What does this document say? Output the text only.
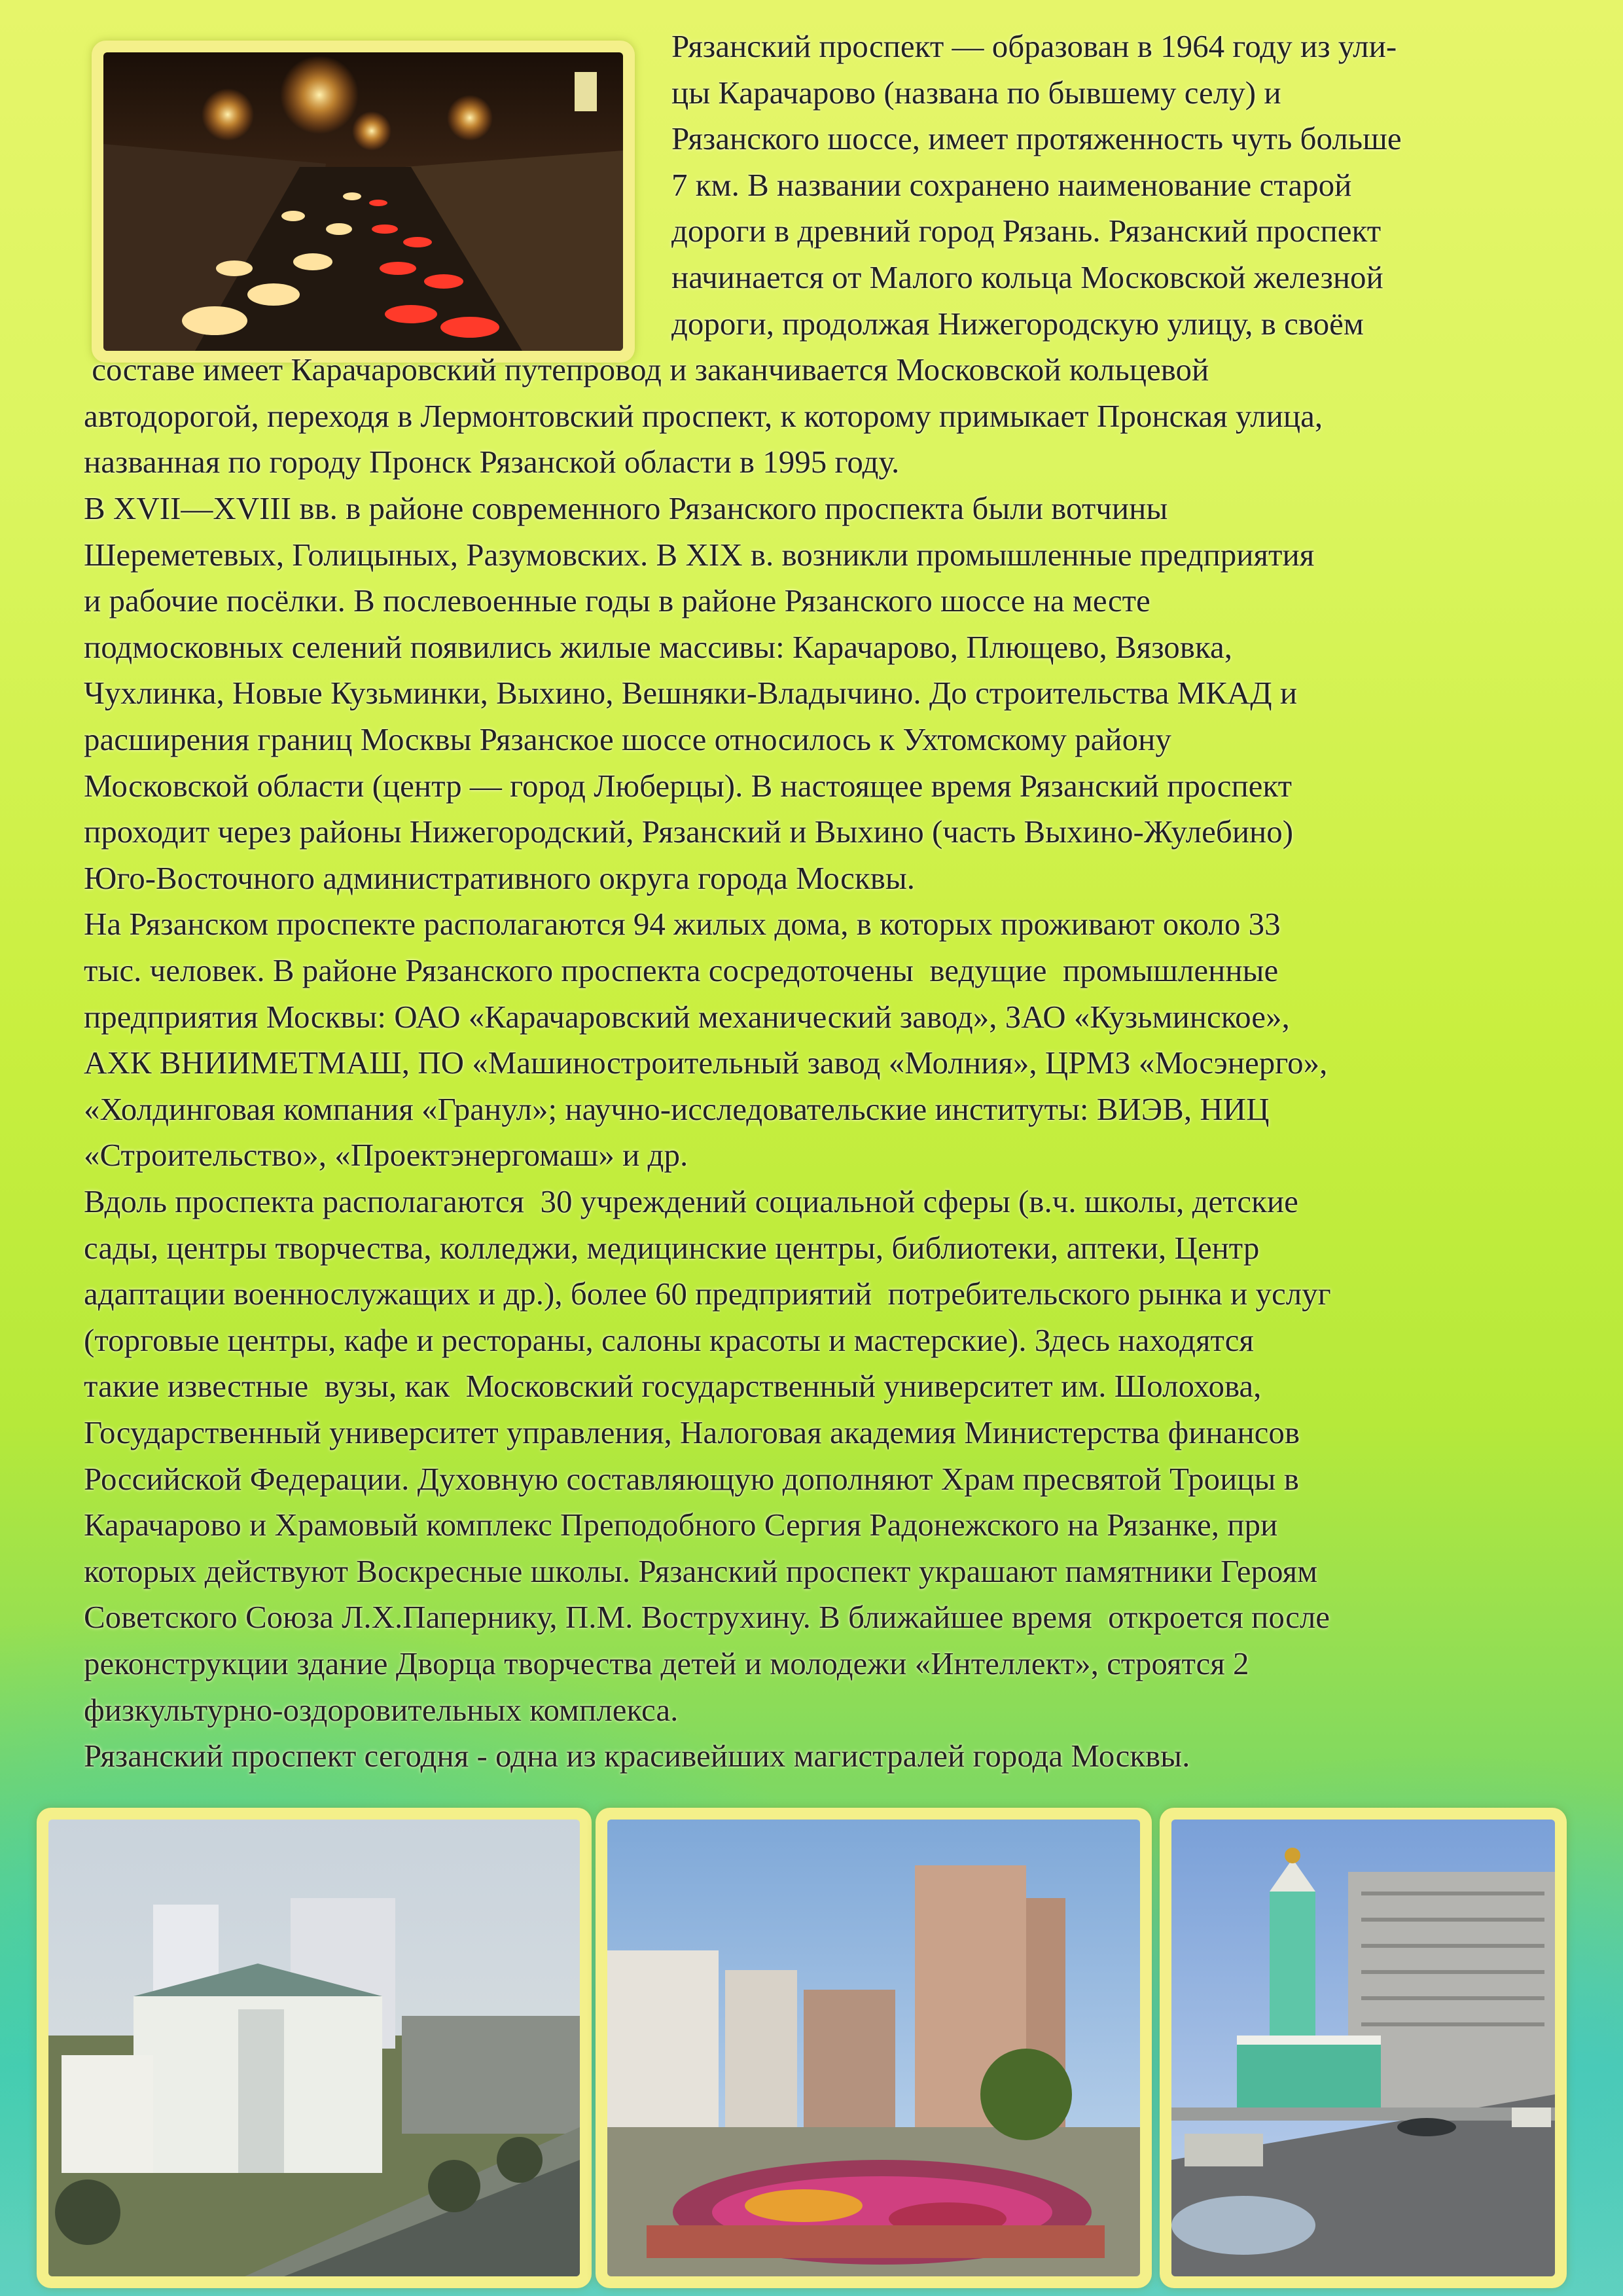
Рязанский проспект — образован в 1964 году из ули-
цы Карачарово (названа по бывшему селу) и
Рязанского шоссе, имеет протяженность чуть больше
7 км. В названии сохранено наименование старой
дороги в древний город Рязань. Рязанский проспект
начинается от Малого кольца Московской железной
дороги, продолжая Нижегородскую улицу, в своём
составе имеет Карачаровский путепровод и заканчивается Московской кольцевой
автодорогой, переходя в Лермонтовский проспект, к которому примыкает Пронская улица,
названная по городу Пронск Рязанской области в 1995 году.
В XVII—XVIII вв. в районе современного Рязанского проспекта были вотчины
Шереметевых, Голицыных, Разумовских. В XIX в. возникли промышленные предприятия
и рабочие посёлки. В послевоенные годы в районе Рязанского шоссе на месте
подмосковных селений появились жилые массивы: Карачарово, Плющево, Вязовка,
Чухлинка, Новые Кузьминки, Выхино, Вешняки-Владычино. До строительства МКАД и
расширения границ Москвы Рязанское шоссе относилось к Ухтомскому району
Московской области (центр — город Люберцы). В настоящее время Рязанский проспект
проходит через районы Нижегородский, Рязанский и Выхино (часть Выхино-Жулебино)
Юго-Восточного административного округа города Москвы.
На Рязанском проспекте располагаются 94 жилых дома, в которых проживают около 33
тыс. человек. В районе Рязанского проспекта сосредоточены  ведущие  промышленные
предприятия Москвы: ОАО «Карачаровский механический завод», ЗАО «Кузьминское»,
АХК ВНИИМЕТМАШ, ПО «Машиностроительный завод «Молния», ЦРМЗ «Мосэнерго»,
«Холдинговая компания «Гранул»; научно-исследовательские институты: ВИЭВ, НИЦ
«Строительство», «Проектэнергомаш» и др.
Вдоль проспекта располагаются  30 учреждений социальной сферы (в.ч. школы, детские
сады, центры творчества, колледжи, медицинские центры, библиотеки, аптеки, Центр
адаптации военнослужащих и др.), более 60 предприятий  потребительского рынка и услуг
(торговые центры, кафе и рестораны, салоны красоты и мастерские). Здесь находятся
такие известные  вузы, как  Московский государственный университет им. Шолохова,
Государственный университет управления, Налоговая академия Министерства финансов
Российской Федерации. Духовную составляющую дополняют Храм пресвятой Троицы в
Карачарово и Храмовый комплекс Преподобного Сергия Радонежского на Рязанке, при
которых действуют Воскресные школы. Рязанский проспект украшают памятники Героям
Советского Союза Л.Х.Папернику, П.М. Вострухину. В ближайшее время  откроется после
реконструкции здание Дворца творчества детей и молодежи «Интеллект», строятся 2
физкультурно-оздоровительных комплекса.
Рязанский проспект сегодня - одна из красивейших магистралей города Москвы.
